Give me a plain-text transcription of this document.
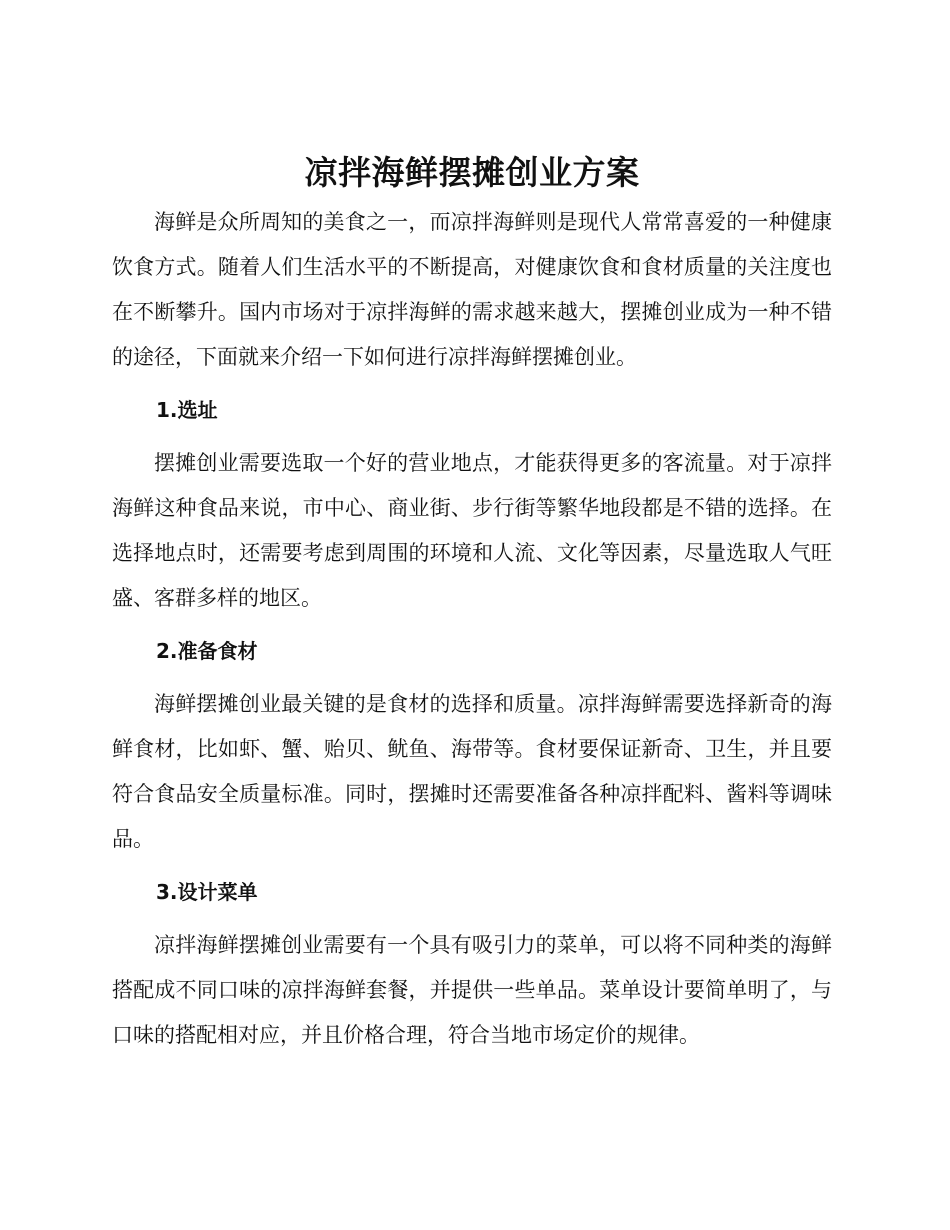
凉拌海鲜摆摊创业方案

海鲜是众所周知的美食之一，而凉拌海鲜则是现代人常常喜爱的一种健康饮食方式。随着人们生活水平的不断提高，对健康饮食和食材质量的关注度也在不断攀升。国内市场对于凉拌海鲜的需求越来越大，摆摊创业成为一种不错的途径，下面就来介绍一下如何进行凉拌海鲜摆摊创业。

1.选址

摆摊创业需要选取一个好的营业地点，才能获得更多的客流量。对于凉拌海鲜这种食品来说，市中心、商业街、步行街等繁华地段都是不错的选择。在选择地点时，还需要考虑到周围的环境和人流、文化等因素，尽量选取人气旺盛、客群多样的地区。

2.准备食材

海鲜摆摊创业最关键的是食材的选择和质量。凉拌海鲜需要选择新奇的海鲜食材，比如虾、蟹、贻贝、鱿鱼、海带等。食材要保证新奇、卫生，并且要符合食品安全质量标准。同时，摆摊时还需要准备各种凉拌配料、酱料等调味品。

3.设计菜单

凉拌海鲜摆摊创业需要有一个具有吸引力的菜单，可以将不同种类的海鲜搭配成不同口味的凉拌海鲜套餐，并提供一些单品。菜单设计要简单明了，与口味的搭配相对应，并且价格合理，符合当地市场定价的规律。
